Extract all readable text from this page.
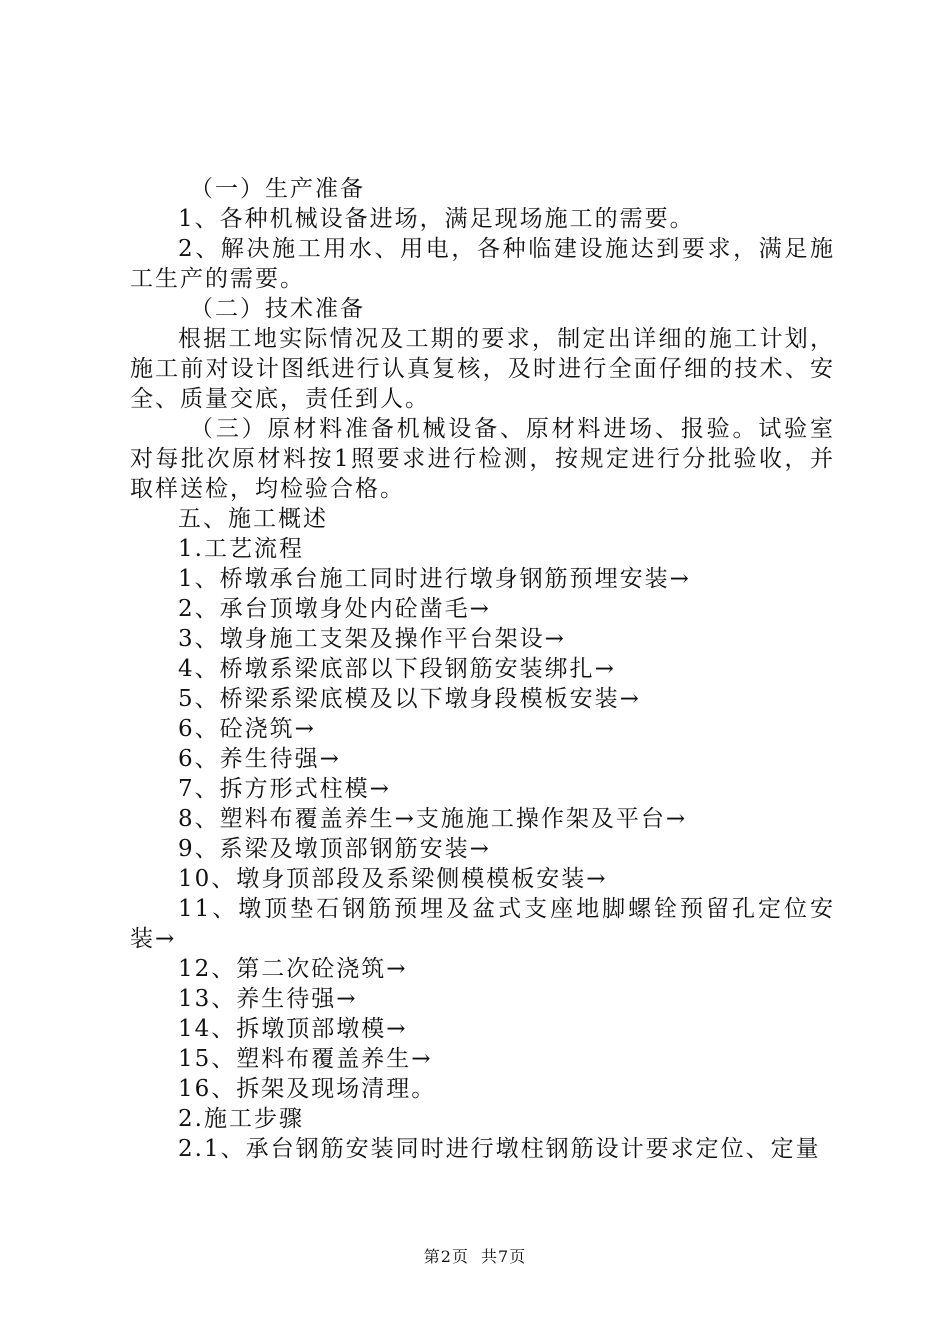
（一）生产准备

1、各种机械设备进场，满足现场施工的需要。

2、解决施工用水、用电，各种临建设施达到要求，满足施工生产的需要。

（二）技术准备

根据工地实际情况及工期的要求，制定出详细的施工计划，施工前对设计图纸进行认真复核，及时进行全面仔细的技术、安全、质量交底，责任到人。

（三）原材料准备机械设备、原材料进场、报验。试验室对每批次原材料按1照要求进行检测，按规定进行分批验收，并取样送检，均检验合格。

五、施工概述

1.工艺流程

1、桥墩承台施工同时进行墩身钢筋预埋安装→

2、承台顶墩身处内砼凿毛→

3、墩身施工支架及操作平台架设→

4、桥墩系梁底部以下段钢筋安装绑扎→

5、桥梁系梁底模及以下墩身段模板安装→

6、砼浇筑→

6、养生待强→

7、拆方形式柱模→

8、塑料布覆盖养生→支施施工操作架及平台→

9、系梁及墩顶部钢筋安装→

10、墩身顶部段及系梁侧模模板安装→

11、墩顶垫石钢筋预埋及盆式支座地脚螺铨预留孔定位安装→

12、第二次砼浇筑→

13、养生待强→

14、拆墩顶部墩模→

15、塑料布覆盖养生→

16、拆架及现场清理。

2.施工步骤

2.1、承台钢筋安装同时进行墩柱钢筋设计要求定位、定量

第2页 共7页
